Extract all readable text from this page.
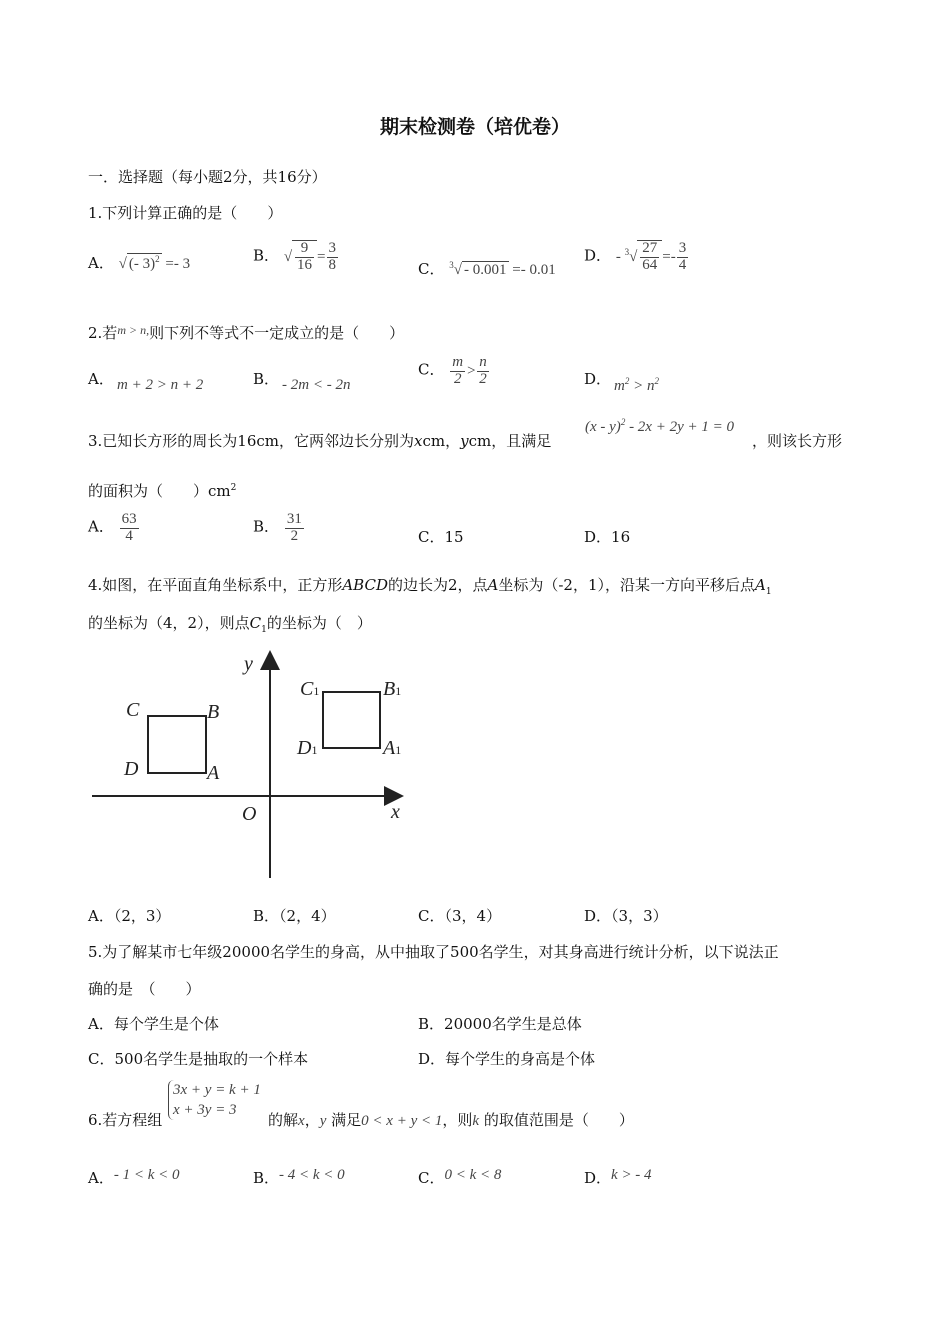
期末检测卷（培优卷）
一．选择题（每小题2分，共16分）
1.下列计算正确的是（　　）
A． √ (- 3)$^2$ =- 3	B． √ $\frac{9}{16} = \frac{3}{8}$	C． $^3$√ - 0.001 =- 0.01
D． - $^3√ \frac{27}{64} =- \frac{3}{4}$
2.若$^{m > n,}$则下列不等式不一定成立的是（　　）
A． m + 2 > n + 2	B． - 2m < - 2n
C． $\frac{m}{2} > \frac{n}{2}$	D． $m^2 > n^2$
3.已知长方形的周长为16cm，它两邻边长分别为xcm，ycm，且满足
(x - y)$^2$ - 2x + 2y + 1 = 0
，则该长方形
的面积为（　　）$cm^2$
A． $\frac{63}{4}$	B． $\frac{31}{2}$	C．15	D．16
4.如图，在平面直角坐标系中，正方形ABCD的边长为2，点A坐标为（-2，1），沿某一方向平移后点$A_1$
的坐标为（4，2），则点$C_1$的坐标为（　）
y
x
O
C	B
D	A
C1	B1
D1	A1
A．（2，3）	B．（2，4）	C．（3，4）	D．（3，3）
5.为了解某市七年级20000名学生的身高，从中抽取了500名学生，对其身高进行统计分析，以下说法正
确的是　（　　）
A．每个学生是个体	B．20000名学生是总体
C．500名学生是抽取的一个样本	D．每个学生的身高是个体
6.若方程组
3x + y = k + 1
x + 3y = 3
的解x，y 满足0 < x + y < 1，则k 的取值范围是（　　）
A．- 1 < k < 0	B．- 4 < k < 0	C．0 < k < 8	D．k > - 4
